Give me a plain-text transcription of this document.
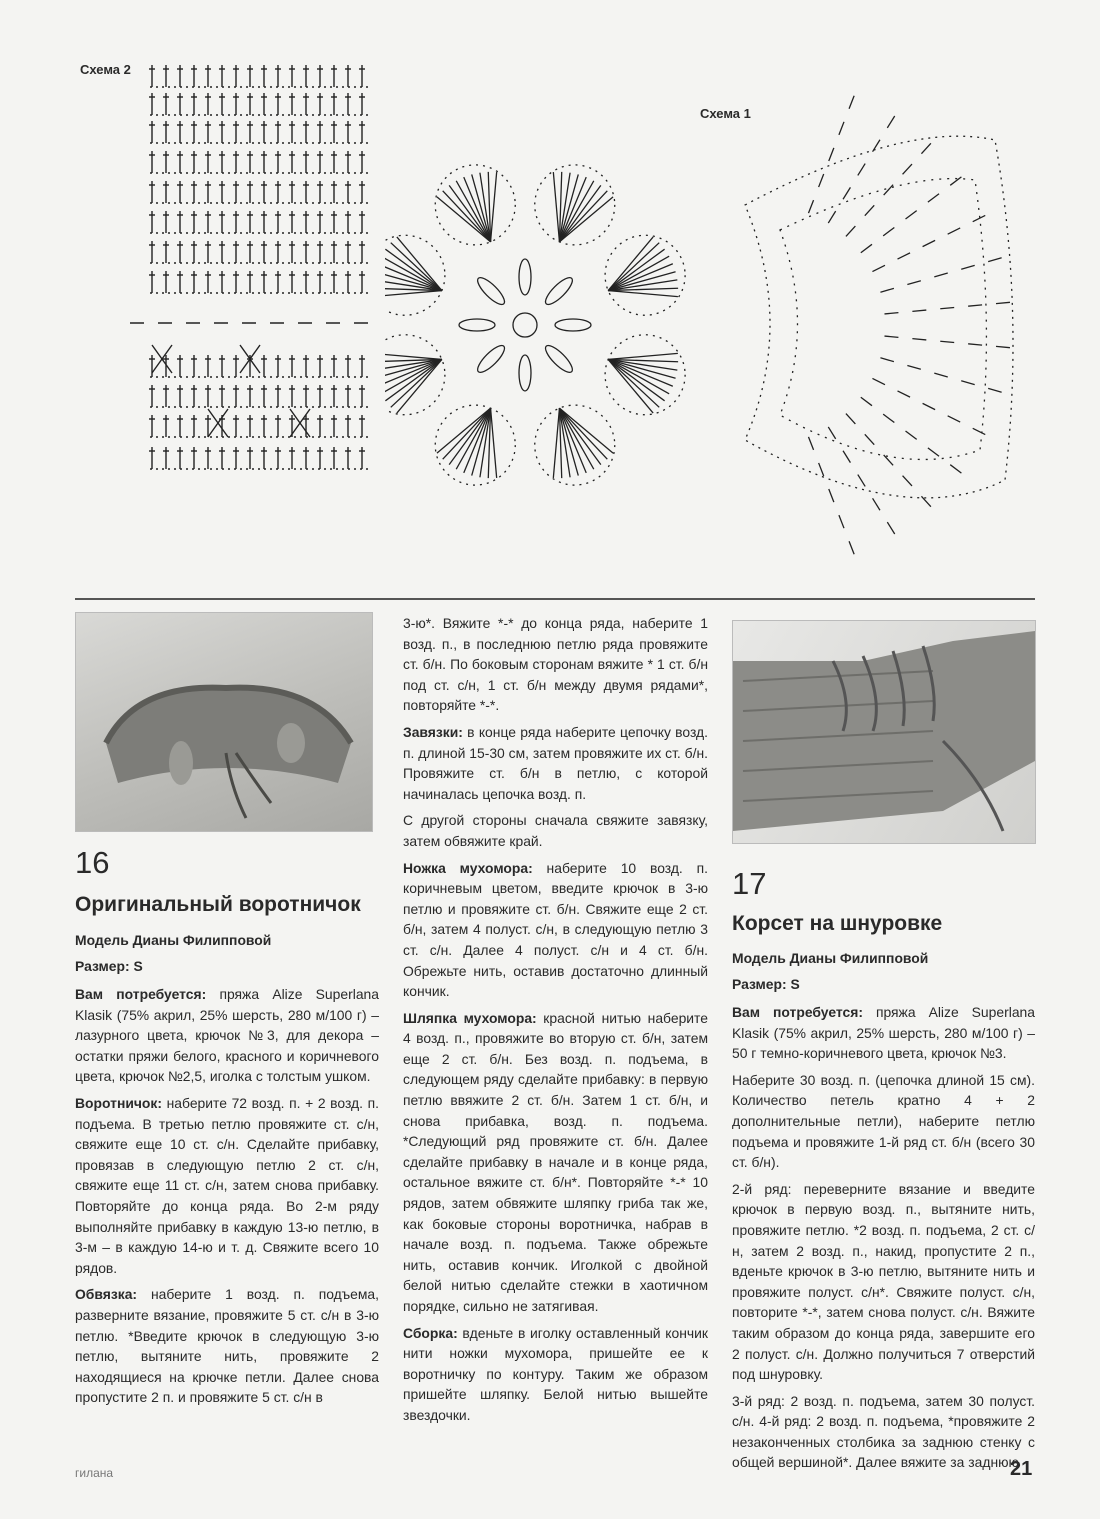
Схема 2
Схема 1
16
Оригинальный воротничок
Модель Дианы Филипповой
Размер: S

Вам потребуется: пряжа Alize Superlana Klasik (75% акрил, 25% шерсть, 280 м/100 г) – лазурного цвета, крючок №3, для декора – остатки пряжи белого, красного и коричневого цвета, крючок №2,5, иголка с толстым ушком.

Воротничок: наберите 72 возд. п. + 2 возд. п. подъема. В третью петлю провяжите ст. с/н, свяжите еще 10 ст. с/н. Сделайте прибавку, провязав в следующую петлю 2 ст. с/н, свяжите еще 11 ст. с/н, затем снова прибавку. Повторяйте до конца ряда. Во 2-м ряду выполняйте прибавку в каждую 13-ю петлю, в 3-м – в каждую 14-ю и т. д. Свяжите всего 10 рядов.

Обвязка: наберите 1 возд. п. подъема, разверните вязание, провяжите 5 ст. с/н в 3-ю петлю. *Введите крючок в следующую 3-ю петлю, вытяните нить, провяжите 2 находящиеся на крючке петли. Далее снова пропустите 2 п. и провяжите 5 ст. с/н в

3-ю*. Вяжите *-* до конца ряда, наберите 1 возд. п., в последнюю петлю ряда провяжите ст. б/н. По боковым сторонам вяжите * 1 ст. б/н под ст. с/н, 1 ст. б/н между двумя рядами*, повторяйте *-*.

Завязки: в конце ряда наберите цепочку возд. п. длиной 15-30 см, затем провяжите их ст. б/н. Провяжите ст. б/н в петлю, с которой начиналась цепочка возд. п.

С другой стороны сначала свяжите завязку, затем обвяжите край.

Ножка мухомора: наберите 10 возд. п. коричневым цветом, введите крючок в 3-ю петлю и провяжите ст. б/н. Свяжите еще 2 ст. б/н, затем 4 полуст. с/н, в следующую петлю 3 ст. с/н. Далее 4 полуст. с/н и 4 ст. б/н. Обрежьте нить, оставив достаточно длинный кончик.

Шляпка мухомора: красной нитью наберите 4 возд. п., провяжите во вторую ст. б/н, затем еще 2 ст. б/н. Без возд. п. подъема, в следующем ряду сделайте прибавку: в первую петлю ввяжите 2 ст. б/н. Затем 1 ст. б/н, и снова прибавка, возд. п. подъема. *Следующий ряд провяжите ст. б/н. Далее сделайте прибавку в начале и в конце ряда, остальное вяжите ст. б/н*. Повторяйте *-* 10 рядов, затем обвяжите шляпку гриба так же, как боковые стороны воротничка, набрав в начале возд. п. подъема. Также обрежьте нить, оставив кончик. Иголкой с двойной белой нитью сделайте стежки в хаотичном порядке, сильно не затягивая.

Сборка: вденьте в иголку оставленный кончик нити ножки мухомора, пришейте ее к воротничку по контуру. Таким же образом пришейте шляпку. Белой нитью вышейте звездочки.

17
Корсет на шнуровке
Модель Дианы Филипповой
Размер: S

Вам потребуется: пряжа Alize Superlana Klasik (75% акрил, 25% шерсть, 280 м/100 г) – 50 г темно-коричневого цвета, крючок №3.

Наберите 30 возд. п. (цепочка длиной 15 см). Количество петель кратно 4 + 2 дополнительные петли), наберите петлю подъема и провяжите 1-й ряд ст. б/н (всего 30 ст. б/н).

2-й ряд: переверните вязание и введите крючок в первую возд. п., вытяните нить, провяжите петлю. *2 возд. п. подъема, 2 ст. с/н, затем 2 возд. п., накид, пропустите 2 п., вденьте крючок в 3-ю петлю, вытяните нить и провяжите полуст. с/н*. Свяжите полуст. с/н, повторите *-*, затем снова полуст. с/н. Вяжите таким образом до конца ряда, завершите его 2 полуст. с/н. Должно получиться 7 отверстий под шнуровку.

3-й ряд: 2 возд. п. подъема, затем 30 полуст. с/н. 4-й ряд: 2 возд. п. подъема, *провяжите 2 незаконченных столбика за заднюю стенку с общей вершиной*. Далее вяжите за заднюю

гилана	21
